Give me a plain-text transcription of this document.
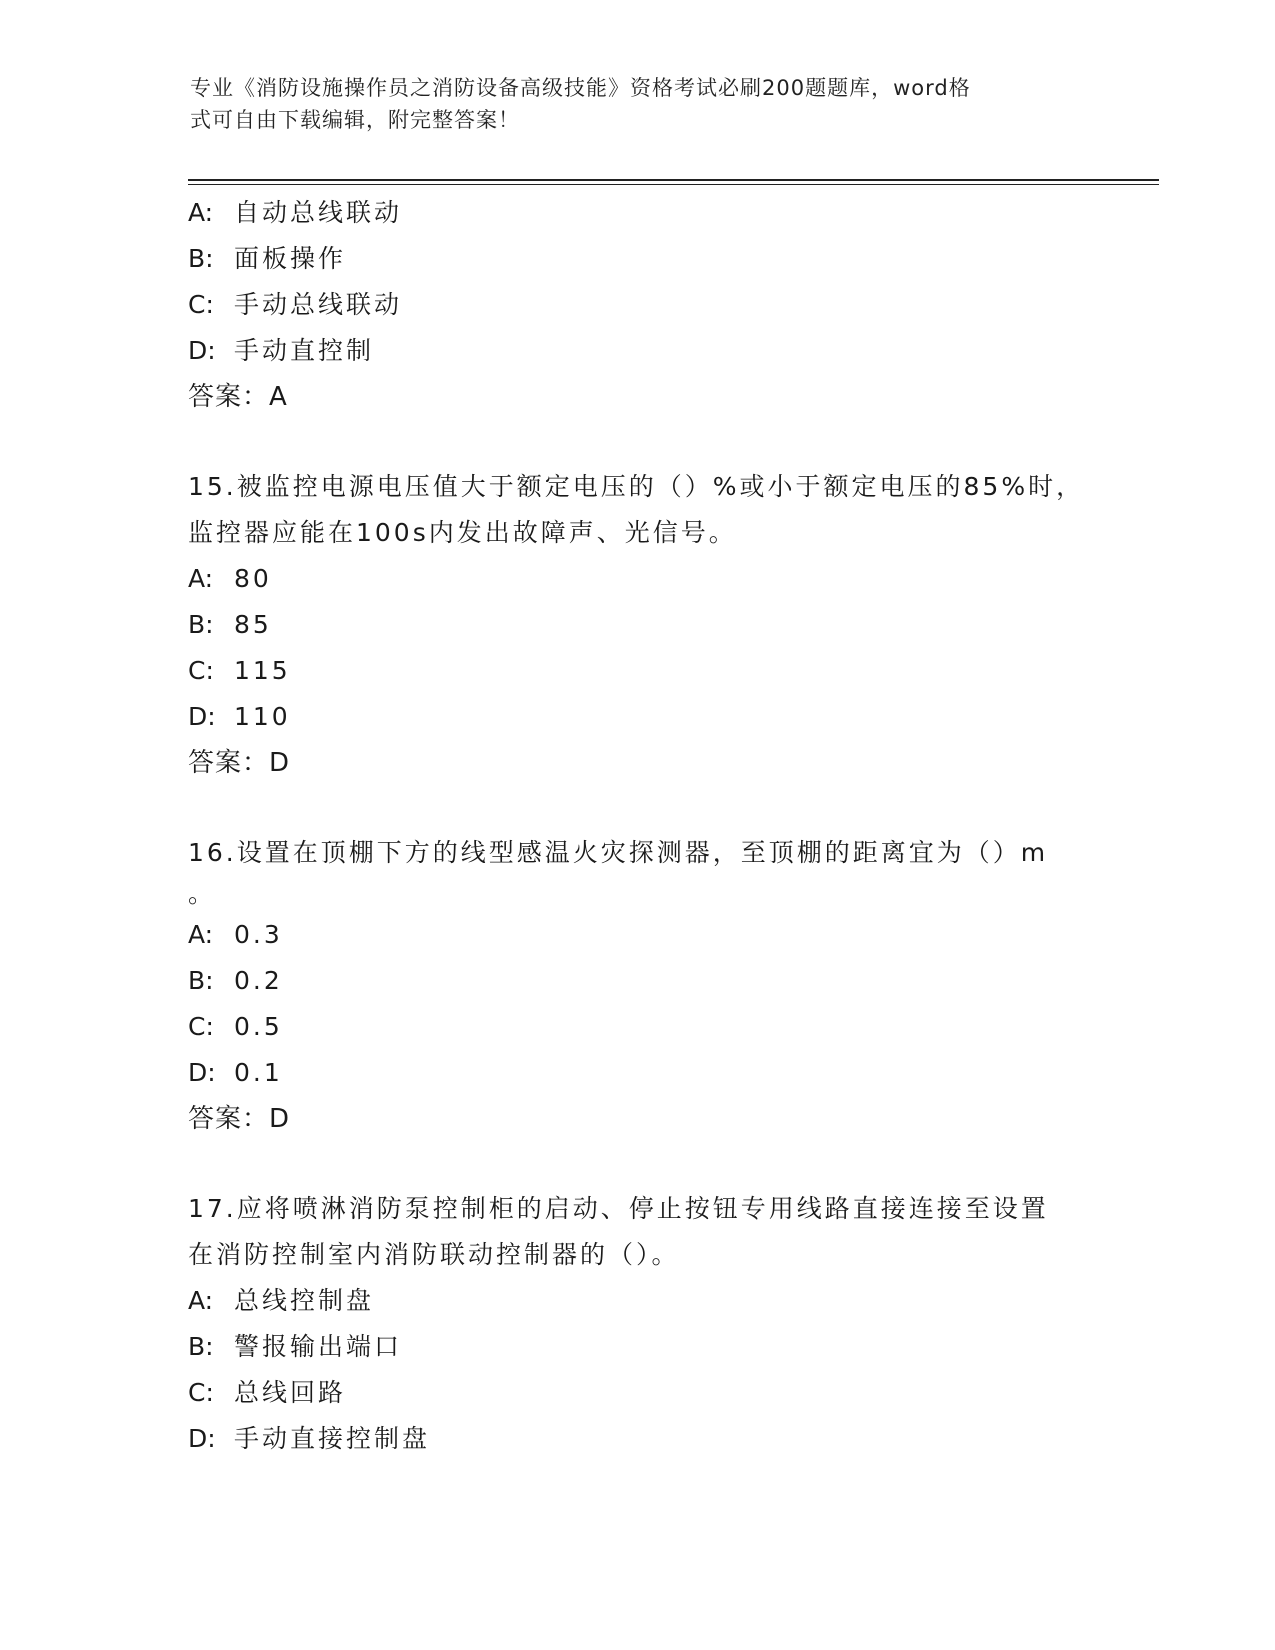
专业《消防设施操作员之消防设备高级技能》资格考试必刷200题题库，word格
式可自由下载编辑，附完整答案！
A: 自动总线联动
B: 面板操作
C: 手动总线联动
D: 手动直控制
答案：A
15.被监控电源电压值大于额定电压的（）%或小于额定电压的85%时，
监控器应能在100s内发出故障声、光信号。
A: 80
B: 85
C: 115
D: 110
答案：D
16.设置在顶棚下方的线型感温火灾探测器，至顶棚的距离宜为（）m
。
A: 0.3
B: 0.2
C: 0.5
D: 0.1
答案：D
17.应将喷淋消防泵控制柜的启动、停止按钮专用线路直接连接至设置
在消防控制室内消防联动控制器的（）。
A: 总线控制盘
B: 警报输出端口
C: 总线回路
D: 手动直接控制盘
